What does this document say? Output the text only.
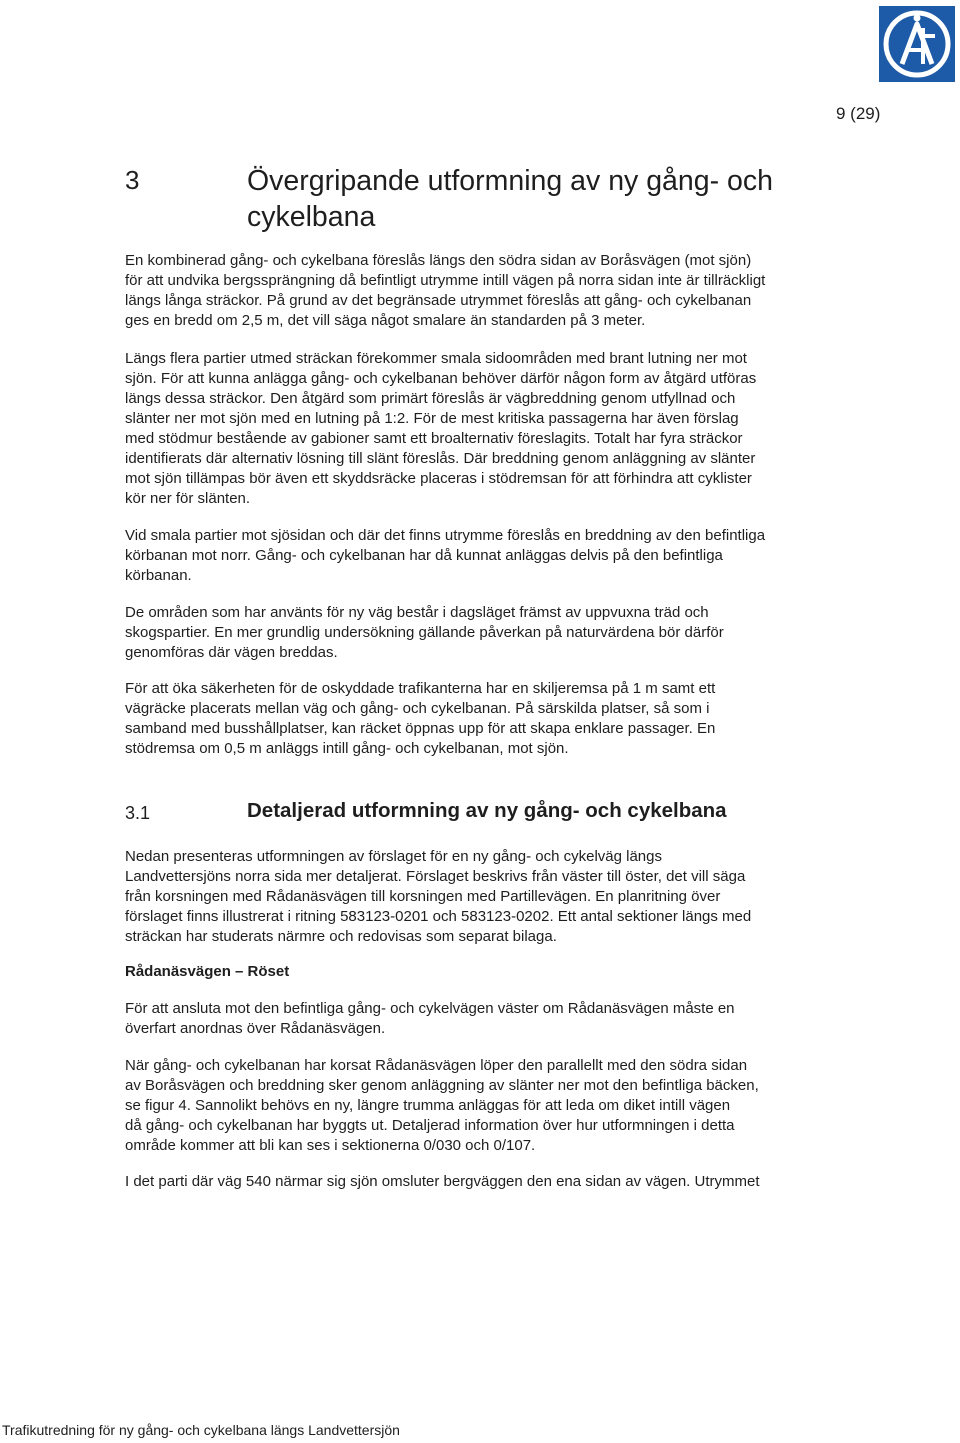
9 (29)
3	Övergripande utformning av ny gång- och
cykelbana

En kombinerad gång- och cykelbana föreslås längs den södra sidan av Boråsvägen (mot sjön)
för att undvika bergssprängning då befintligt utrymme intill vägen på norra sidan inte är tillräckligt
längs långa sträckor. På grund av det begränsade utrymmet föreslås att gång- och cykelbanan
ges en bredd om 2,5 m, det vill säga något smalare än standarden på 3 meter.

Längs flera partier utmed sträckan förekommer smala sidoområden med brant lutning ner mot
sjön. För att kunna anlägga gång- och cykelbanan behöver därför någon form av åtgärd utföras
längs dessa sträckor. Den åtgärd som primärt föreslås är vägbreddning genom utfyllnad och
slänter ner mot sjön med en lutning på 1:2. För de mest kritiska passagerna har även förslag
med stödmur bestående av gabioner samt ett broalternativ föreslagits. Totalt har fyra sträckor
identifierats där alternativ lösning till slänt föreslås. Där breddning genom anläggning av slänter
mot sjön tillämpas bör även ett skyddsräcke placeras i stödremsan för att förhindra att cyklister
kör ner för slänten.

Vid smala partier mot sjösidan och där det finns utrymme föreslås en breddning av den befintliga
körbanan mot norr. Gång- och cykelbanan har då kunnat anläggas delvis på den befintliga
körbanan.

De områden som har använts för ny väg består i dagsläget främst av uppvuxna träd och
skogspartier. En mer grundlig undersökning gällande påverkan på naturvärdena bör därför
genomföras där vägen breddas.

För att öka säkerheten för de oskyddade trafikanterna har en skiljeremsa på 1 m samt ett
vägräcke placerats mellan väg och gång- och cykelbanan. På särskilda platser, så som i
samband med busshållplatser, kan räcket öppnas upp för att skapa enklare passager. En
stödremsa om 0,5 m anläggs intill gång- och cykelbanan, mot sjön.

3.1	Detaljerad utformning av ny gång- och cykelbana

Nedan presenteras utformningen av förslaget för en ny gång- och cykelväg längs
Landvettersjöns norra sida mer detaljerat. Förslaget beskrivs från väster till öster, det vill säga
från korsningen med Rådanäsvägen till korsningen med Partillevägen. En planritning över
förslaget finns illustrerat i ritning 583123-0201 och 583123-0202. Ett antal sektioner längs med
sträckan har studerats närmre och redovisas som separat bilaga.

Rådanäsvägen – Röset

För att ansluta mot den befintliga gång- och cykelvägen väster om Rådanäsvägen måste en
överfart anordnas över Rådanäsvägen.

När gång- och cykelbanan har korsat Rådanäsvägen löper den parallellt med den södra sidan
av Boråsvägen och breddning sker genom anläggning av slänter ner mot den befintliga bäcken,
se figur 4. Sannolikt behövs en ny, längre trumma anläggas för att leda om diket intill vägen
då gång- och cykelbanan har byggts ut. Detaljerad information över hur utformningen i detta
område kommer att bli kan ses i sektionerna 0/030 och 0/107.

I det parti där väg 540 närmar sig sjön omsluter bergväggen den ena sidan av vägen. Utrymmet

Trafikutredning för ny gång- och cykelbana längs Landvettersjön
